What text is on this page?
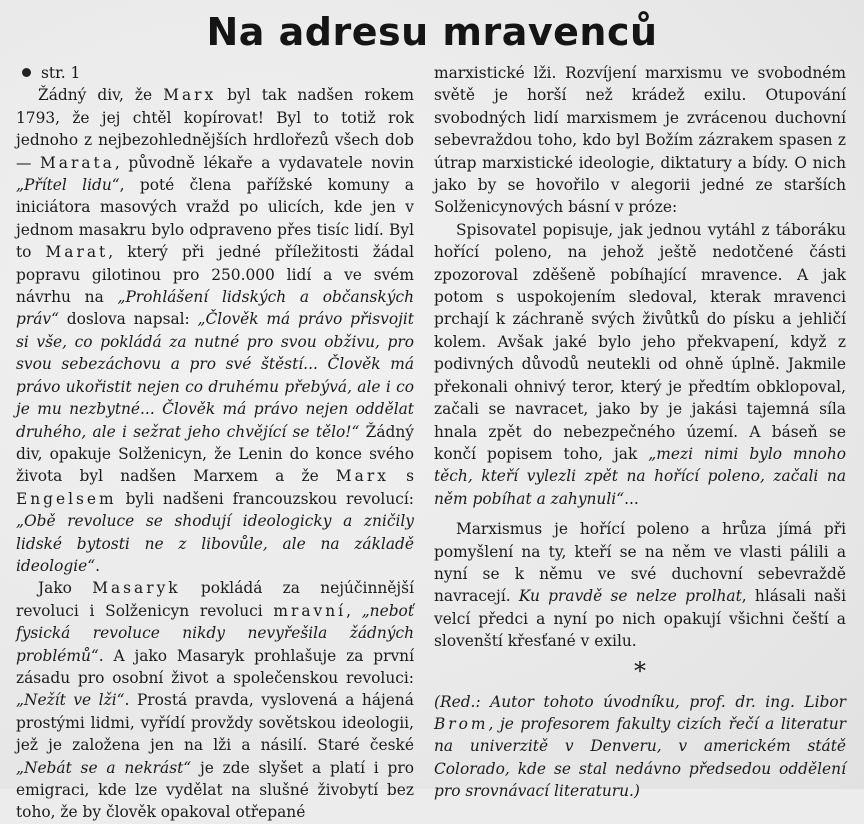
Na adresu mravenců

str. 1
Žádný div, že Marx byl tak nadšen rokem 1793, že jej chtěl kopírovat! Byl to totiž rok jednoho z nejbezohlednějších hrdlořezů všech dob — Marata, původně lékaře a vydavatele novin „Přítel lidu“, poté člena pařížské komuny a iniciátora masových vražd po ulicích, kde jen v jednom masakru bylo odpraveno přes tisíc lidí. Byl to Marat, který při jedné příležitosti žádal popravu gilotinou pro 250.000 lidí a ve svém návrhu na „Prohlášení lidských a občanských práv“ doslova napsal: „Člověk má právo přisvojit si vše, co pokládá za nutné pro svou obživu, pro svou sebezáchovu a pro své štěstí... Člověk má právo ukořistit nejen co druhému přebývá, ale i co je mu nezbytné... Člověk má právo nejen oddělat druhého, ale i sežrat jeho chvějící se tělo!“ Žádný div, opakuje Solženicyn, že Lenin do konce svého života byl nadšen Marxem a že Marx s Engelsem byli nadšeni francouzskou revolucí: „Obě revoluce se shodují ideologicky a zničily lidské bytosti ne z libovůle, ale na základě ideologie“.

Jako Masaryk pokládá za nejúčinnější revoluci i Solženicyn revoluci mravní, „neboť fysická revoluce nikdy nevyřešila žádných problémů“. A jako Masaryk prohlašuje za první zásadu pro osobní život a společenskou revoluci: „Nežít ve lži“. Prostá pravda, vyslovená a hájená prostými lidmi, vyřídí provždy sovětskou ideologii, jež je založena jen na lži a násilí. Staré české „Nebát se a nekrást“ je zde slyšet a platí i pro emigraci, kde lze vydělat na slušné živobytí bez toho, že by člověk opakoval otřepané

marxistické lži. Rozvíjení marxismu ve svobodném světě je horší než krádež exilu. Otupování svobodných lidí marxismem je zvrácenou duchovní sebevraždou toho, kdo byl Božím zázrakem spasen z útrap marxistické ideologie, diktatury a bídy. O nich jako by se hovořilo v alegorii jedné ze starších Solženicynových básní v próze:

Spisovatel popisuje, jak jednou vytáhl z táboráku hořící poleno, na jehož ještě nedotčené části zpozoroval zděšeně pobíhající mravence. A jak potom s uspokojením sledoval, kterak mravenci prchají k záchraně svých živůtků do písku a jehličí kolem. Avšak jaké bylo jeho překvapení, když z podivných důvodů neutekli od ohně úplně. Jakmile překonali ohnivý teror, který je předtím obklopoval, začali se navracet, jako by je jakási tajemná síla hnala zpět do nebezpečného území. A báseň se končí popisem toho, jak „mezi nimi bylo mnoho těch, kteří vylezli zpět na hořící poleno, začali na něm pobíhat a zahynuli“...

Marxismus je hořící poleno a hrůza jímá při pomyšlení na ty, kteří se na něm ve vlasti pálili a nyní se k němu ve své duchovní sebevraždě navracejí. Ku pravdě se nelze prolhat, hlásali naši velcí předci a nyní po nich opakují všichni čeští a slovenští křesťané v exilu.

*

(Red.: Autor tohoto úvodníku, prof. dr. ing. Libor Brom, je profesorem fakulty cizích řečí a literatur na univerzitě v Denveru, v americkém státě Colorado, kde se stal nedávno předsedou oddělení pro srovnávací literaturu.)
